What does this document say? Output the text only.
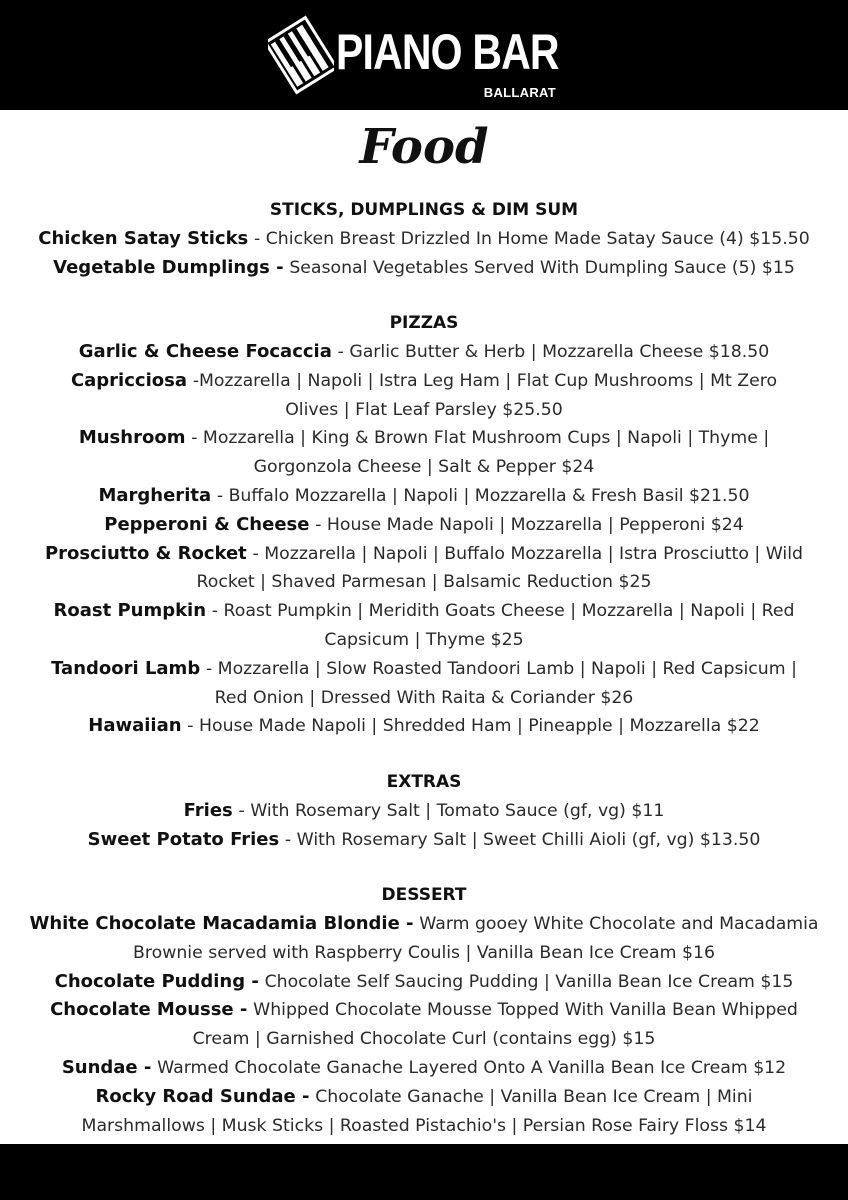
PIANO BAR
BALLARAT
Food
STICKS, DUMPLINGS & DIM SUM
Chicken Satay Sticks - Chicken Breast Drizzled In Home Made Satay Sauce (4) $15.50
Vegetable Dumplings - Seasonal Vegetables Served With Dumpling Sauce (5) $15
PIZZAS
Garlic & Cheese Focaccia - Garlic Butter & Herb | Mozzarella Cheese $18.50
Capricciosa -Mozzarella | Napoli | Istra Leg Ham | Flat Cup Mushrooms | Mt Zero
Olives | Flat Leaf Parsley $25.50
Mushroom - Mozzarella | King & Brown Flat Mushroom Cups | Napoli | Thyme |
Gorgonzola Cheese | Salt & Pepper $24
Margherita - Buffalo Mozzarella | Napoli | Mozzarella & Fresh Basil $21.50
Pepperoni & Cheese - House Made Napoli | Mozzarella | Pepperoni $24
Prosciutto & Rocket - Mozzarella | Napoli | Buffalo Mozzarella | Istra Prosciutto | Wild
Rocket | Shaved Parmesan | Balsamic Reduction $25
Roast Pumpkin - Roast Pumpkin | Meridith Goats Cheese | Mozzarella | Napoli | Red
Capsicum | Thyme $25
Tandoori Lamb - Mozzarella | Slow Roasted Tandoori Lamb | Napoli | Red Capsicum |
Red Onion | Dressed With Raita & Coriander $26
Hawaiian - House Made Napoli | Shredded Ham | Pineapple | Mozzarella $22
EXTRAS
Fries - With Rosemary Salt | Tomato Sauce (gf, vg) $11
Sweet Potato Fries - With Rosemary Salt | Sweet Chilli Aioli (gf, vg) $13.50
DESSERT
White Chocolate Macadamia Blondie - Warm gooey White Chocolate and Macadamia
Brownie served with Raspberry Coulis | Vanilla Bean Ice Cream $16
Chocolate Pudding - Chocolate Self Saucing Pudding | Vanilla Bean Ice Cream $15
Chocolate Mousse - Whipped Chocolate Mousse Topped With Vanilla Bean Whipped
Cream | Garnished Chocolate Curl (contains egg) $15
Sundae - Warmed Chocolate Ganache Layered Onto A Vanilla Bean Ice Cream $12
Rocky Road Sundae - Chocolate Ganache | Vanilla Bean Ice Cream | Mini
Marshmallows | Musk Sticks | Roasted Pistachio's | Persian Rose Fairy Floss $14
